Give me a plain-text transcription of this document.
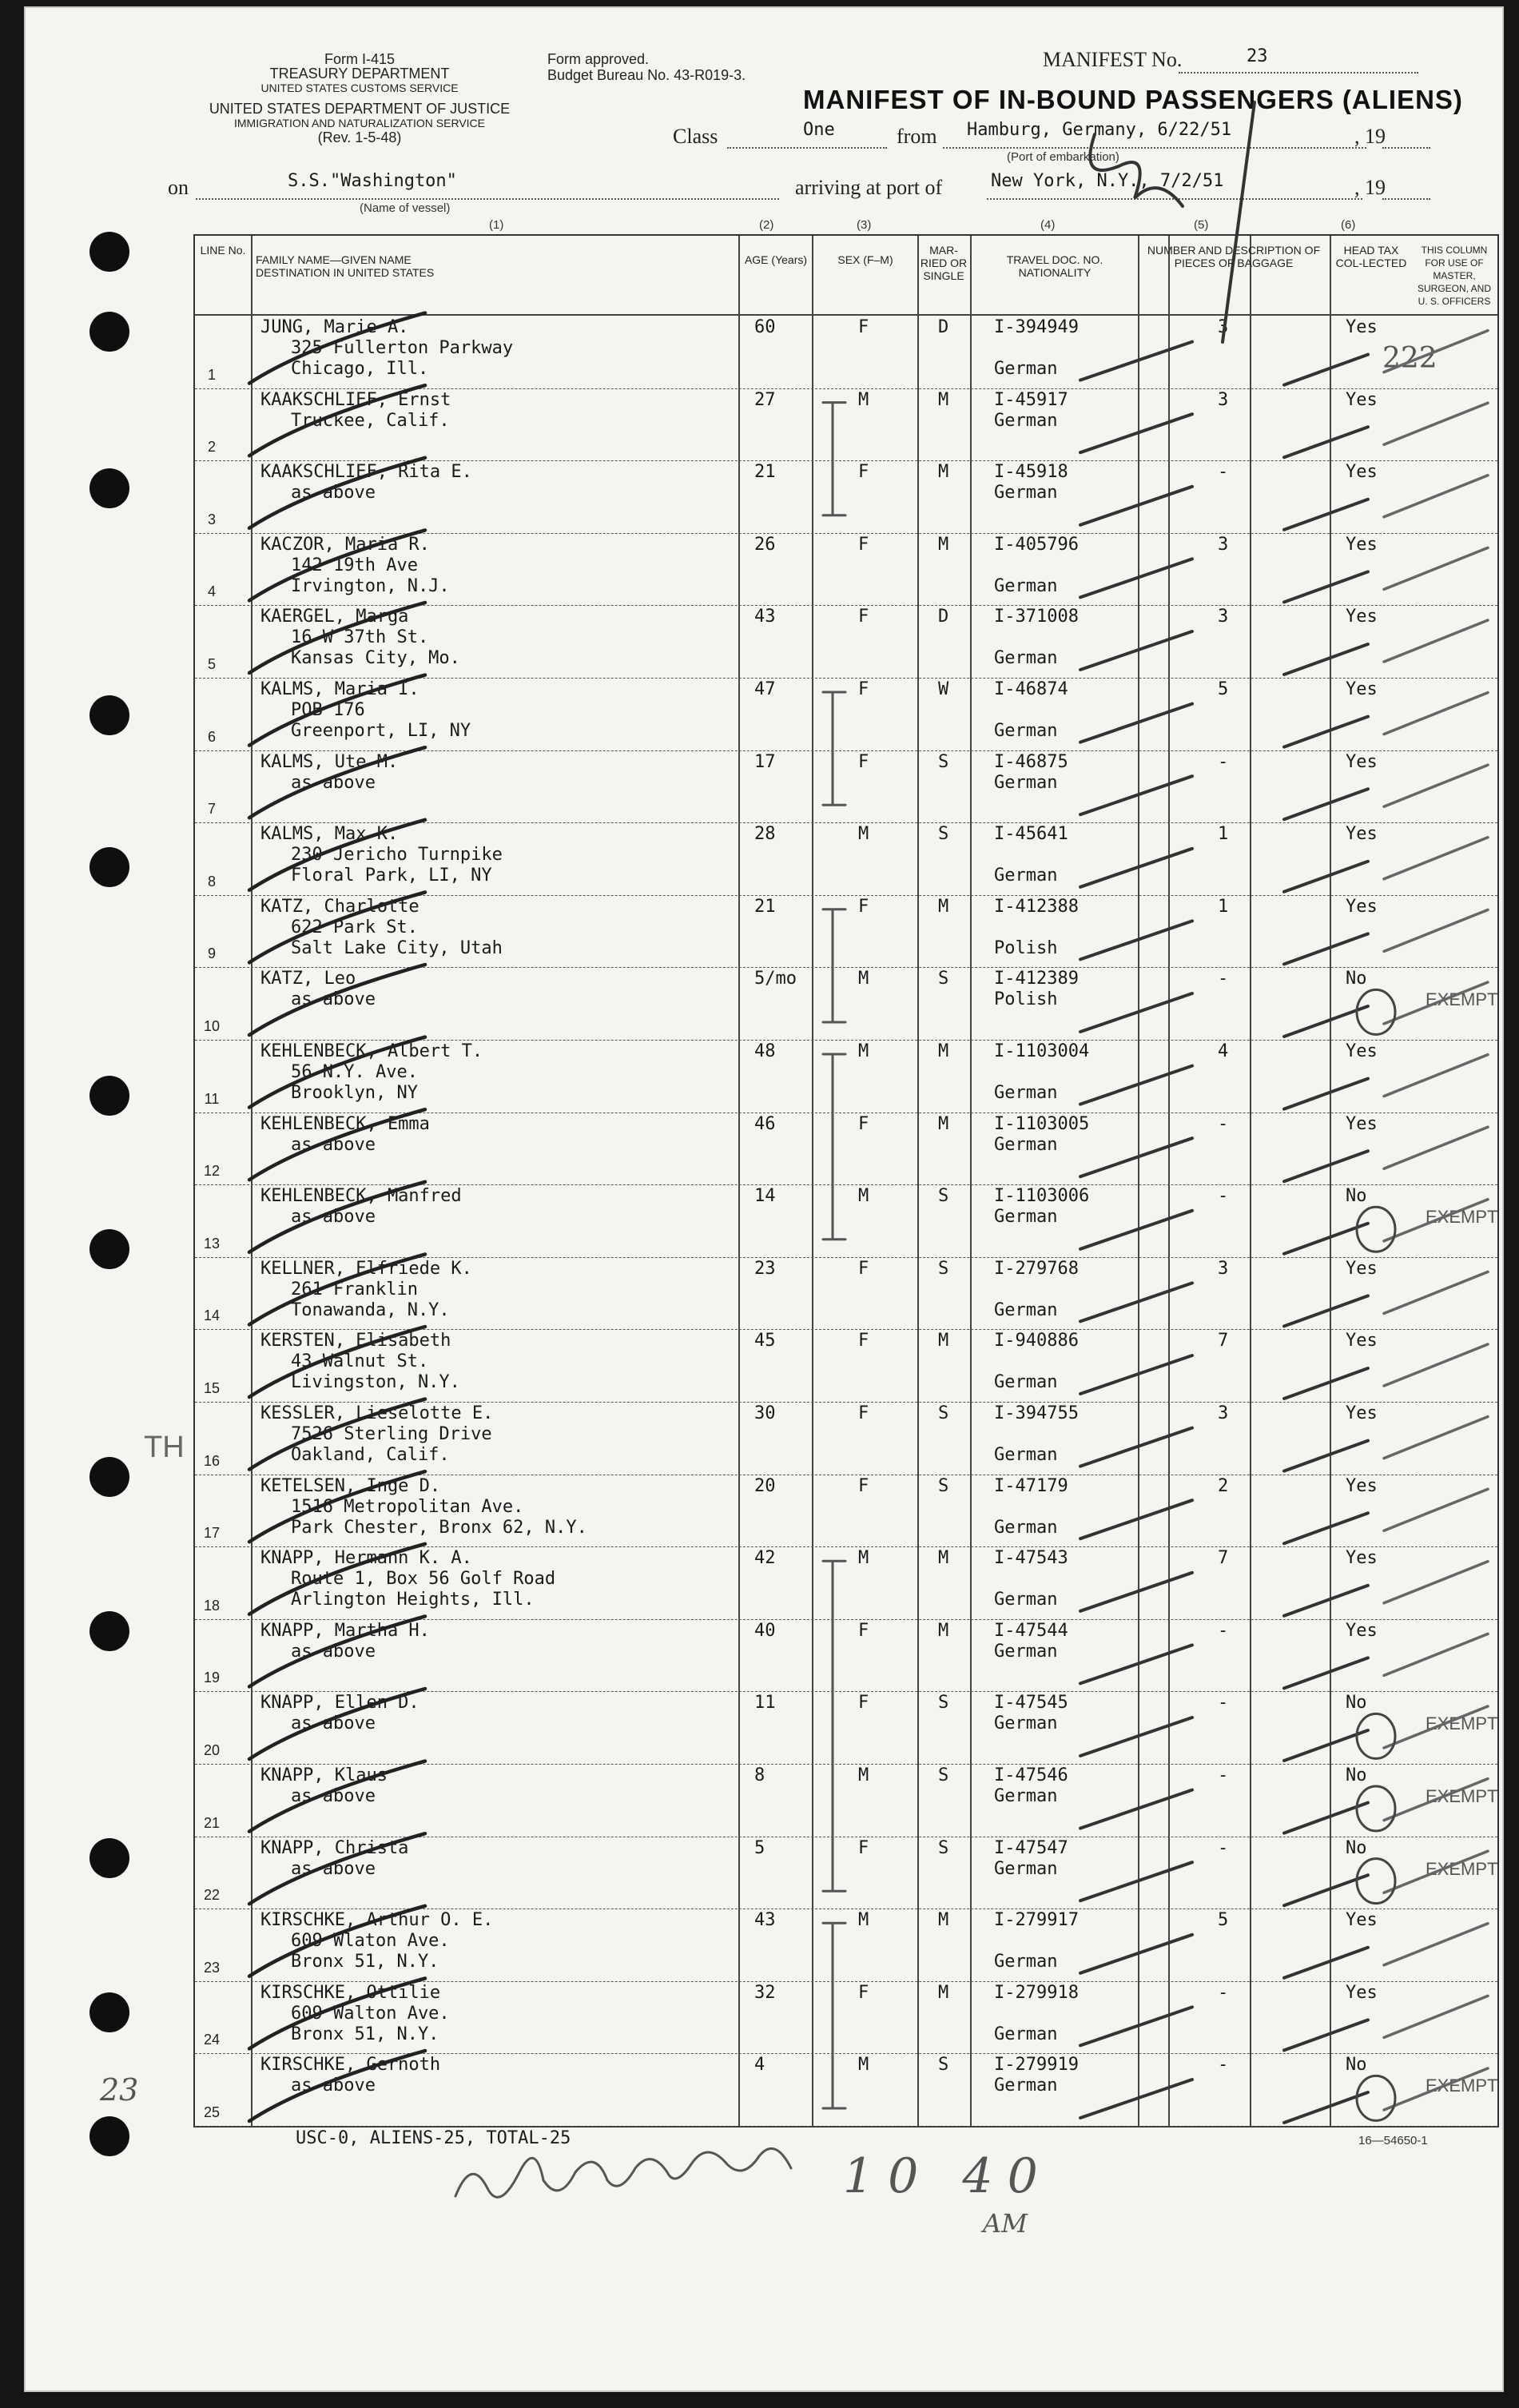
Form I-415
TREASURY DEPARTMENT
UNITED STATES CUSTOMS SERVICE
UNITED STATES DEPARTMENT OF JUSTICE
IMMIGRATION AND NATURALIZATION SERVICE
(Rev. 1-5-48)
Form approved.
Budget Bureau No. 43-R019-3.
MANIFEST No.	23
MANIFEST OF IN-BOUND PASSENGERS (ALIENS)
Class	One	from Hamburg, Germany, 6/22/51
(Port of embarkation)
, 19
on	S.S."Washington"
(Name of vessel)
arriving at port of	New York, N.Y., 7/2/51	, 19
(1)	(2)	(3)	(4)	(5)	(6)
LINE No.
FAMILY NAME—GIVEN NAME DESTINATION IN UNITED STATES
AGE (Years)	SEX (F–M)
MAR-RIED OR SINGLE
TRAVEL DOC. NO. NATIONALITY
NUMBER AND DESCRIPTION OF PIECES OF BAGGAGE
HEAD TAX COL-LECTED
THIS COLUMN FOR USE OF MASTER, SURGEON, AND U. S. OFFICERS
1
JUNG, Marie A.
325 Fullerton Parkway
Chicago, Ill.
60	F	D	I-394949
German
3	Yes
2
KAAKSCHLIEF, Ernst
Truckee, Calif.
27	M	M	I-45917
German
3	Yes
3
KAAKSCHLIEF, Rita E.
as above
21	F	M	I-45918
German
-	Yes
4
KACZOR, Maria R.
142 19th Ave
Irvington, N.J.
26	F	M	I-405796
German
3	Yes
5
KAERGEL, Marga
16 W 37th St.
Kansas City, Mo.
43	F	D	I-371008
German
3	Yes
6
KALMS, Maria I.
POB 176
Greenport, LI, NY
47	F	W	I-46874
German
5	Yes
7
KALMS, Ute M.
as above
17	F	S	I-46875
German
-	Yes
8
KALMS, Max K.
230 Jericho Turnpike
Floral Park, LI, NY
28	M	S	I-45641
German
1	Yes
9
KATZ, Charlotte
622 Park St.
Salt Lake City, Utah
21	F	M	I-412388
Polish
1	Yes
10
KATZ, Leo
as above
5/mo	M	S	I-412389
Polish
-	No
EXEMPT
11
KEHLENBECK, Albert T.
56 N.Y. Ave.
Brooklyn, NY
48	M	M	I-1103004
German
4	Yes
12
KEHLENBECK, Emma
as above
46	F	M	I-1103005
German
-	Yes
13
KEHLENBECK, Manfred
as above
14	M	S	I-1103006
German
-	No
EXEMPT
14
KELLNER, Elfriede K.
261 Franklin
Tonawanda, N.Y.
23	F	S	I-279768
German
3	Yes
15
KERSTEN, Elisabeth
43 Walnut St.
Livingston, N.Y.
45	F	M	I-940886
German
7	Yes
16
KESSLER, Lieselotte E.
7526 Sterling Drive
Oakland, Calif.
30	F	S	I-394755
German
3	Yes
17
KETELSEN, Inge D.
1516 Metropolitan Ave.
Park Chester, Bronx 62, N.Y.
20	F	S	I-47179
German
2	Yes
18
KNAPP, Hermann K. A.
Route 1, Box 56 Golf Road
Arlington Heights, Ill.
42	M	M	I-47543
German
7	Yes
19
KNAPP, Martha H.
as above
40	F	M	I-47544
German
-	Yes
20
KNAPP, Ellen D.
as above
11	F	S	I-47545
German
-	No
EXEMPT
21
KNAPP, Klaus
as above
8	M	S	I-47546
German
-	No
EXEMPT
22
KNAPP, Christa
as above
5	F	S	I-47547
German
-	No
EXEMPT
23
KIRSCHKE, Arthur O. E.
609 Wlaton Ave.
Bronx 51, N.Y.
43	M	M	I-279917
German
5	Yes
24
KIRSCHKE, Ottilie
609 Walton Ave.
Bronx 51, N.Y.
32	F	M	I-279918
German
-	Yes
25
KIRSCHKE, Gernoth
as above
4	M	S	I-279919
German
-	No
EXEMPT
USC-0, ALIENS-25, TOTAL-25	16—54650-1
TH
23
222
10 40
AM
